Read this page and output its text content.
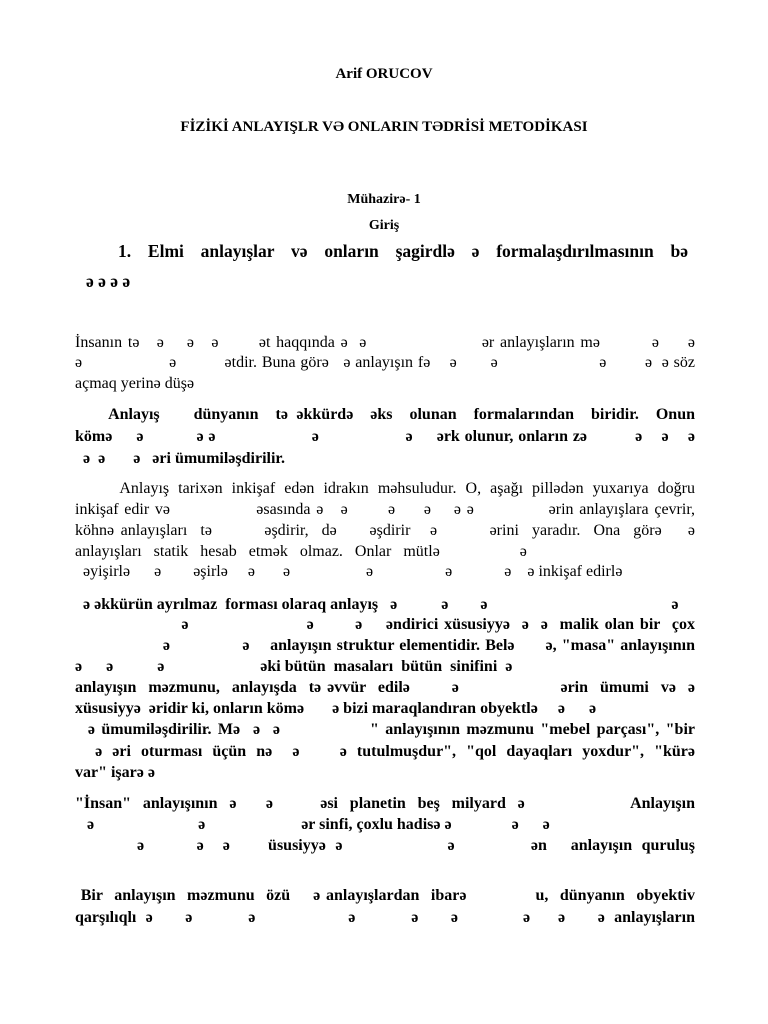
Arif ORUCOV
FİZİKİ ANLAYIŞLR VƏ ONLARIN TƏDRİSİ METODİKASI
Mühazirə- 1
Giriş
1.  Elmi  anlayışlar  və  onların  şagirdlə  ə  formalaşdırılmasının  bə
ə ə ə ə
İnsanın tə   ə    ə   ə       ət haqqında ə  ə                    ər anlayışların mə         ə     ə
ə                  ə          ətdir. Buna görə   ə anlayışın fə    ə       ə                     ə        ə  ə söz
açmaq yerinə düşə
Anlayış    dünyanın  tə əkkürdə  əks  olunan  formalarından  biridir.  Onun
kömə     ə           ə ə                    ə                  ə     ərk olunur, onların zə          ə    ə    ə
ə  ə       ə   əri ümumiləşdirilir.
Anlayış tarixən inkişaf edən idrakın məhsuludur. O, aşağı pillədən yuxarıya doğru
inkişaf edir və               əsasında ə   ə       ə     ə    ə ə             ərin anlayışlara çevrir,
köhnə anlayışları  tə        əşdirir,  də     əşdirir   ə        ərini  yaradır.  Ona  görə    ə
anlayışları   statik   hesab   etmək   olmaz.   Onlar   mütlə                    ə
əyişirlə      ə        əşirlə     ə       ə                   ə                  ə             ə    ə inkişaf edirlə
ə əkkürün ayrılmaz  forması olaraq anlayış   ə           ə        ə                                              ə
ə                    ə       ə    əndirici xüsusiyyə  ə  ə  malik olan bir  çox
ə              ə    anlayışın struktur elementidir. Belə      ə, "masa" anlayışının
ə      ə           ə                        əki bütün  masaları  bütün  sinifini  ə
anlayışın  məzmunu,  anlayışda  tə əvvür  edilə       ə                 ərin  ümumi  və  ə
xüsusiyyə  əridir ki, onların kömə       ə bizi maraqlandıran obyektlə     ə      ə
ə ümumiləşdirilir. Mə  ə  ə              " anlayışının məzmunu "mebel parçası", "bir
ə əri oturması üçün nə  ə    ə tutulmuşdur", "qol dayaqları yoxdur", "kürə
var" işarə ə
"İnsan"  anlayışının  ə     ə        əsi  planetin  beş  milyard  ə                  Anlayışın
ə                          ə                        ər sinfi, çoxlu hadisə ə               ə      ə
ə           ə    ə        üsusiyyə  ə                      ə                ən     anlayışın  quruluş
Bir  anlayışın  məzmunu  özü    ə anlayışlardan  ibarə            u,  dünyanın  obyektiv
qarşılıqlı  ə       ə            ə                    ə            ə       ə              ə      ə       ə  anlayışların
